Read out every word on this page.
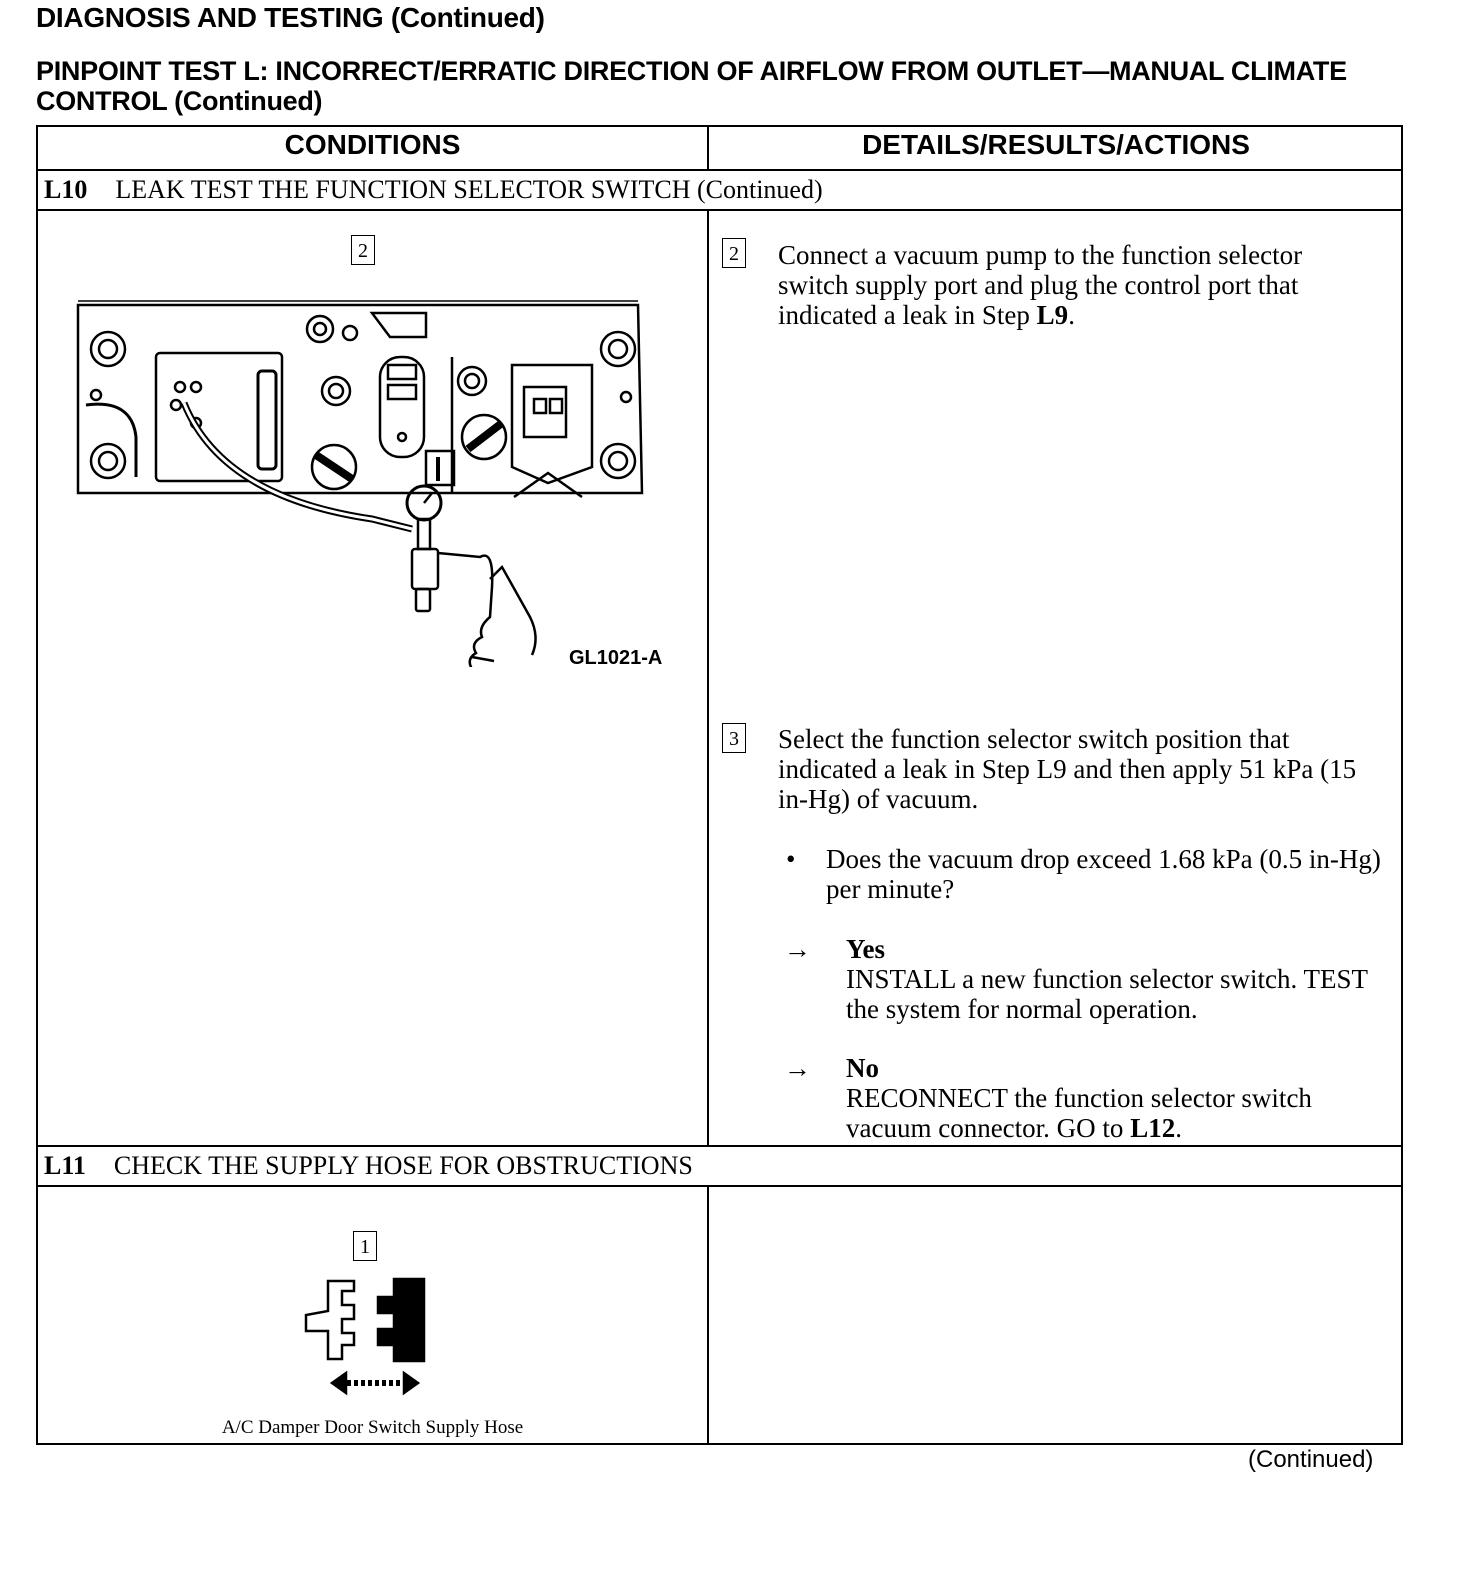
DIAGNOSIS AND TESTING (Continued)
PINPOINT TEST L: INCORRECT/ERRATIC DIRECTION OF AIRFLOW FROM OUTLET—MANUAL CLIMATE CONTROL (Continued)
CONDITIONS	DETAILS/RESULTS/ACTIONS
L10 LEAK TEST THE FUNCTION SELECTOR SWITCH (Continued)
2
GL1021-A
2 Connect a vacuum pump to the function selector switch supply port and plug the control port that indicated a leak in Step L9.
3 Select the function selector switch position that indicated a leak in Step L9 and then apply 51 kPa (15 in-Hg) of vacuum.
• Does the vacuum drop exceed 1.68 kPa (0.5 in-Hg) per minute?
→ Yes
INSTALL a new function selector switch. TEST the system for normal operation.
→ No
RECONNECT the function selector switch vacuum connector. GO to L12.
L11 CHECK THE SUPPLY HOSE FOR OBSTRUCTIONS
1
A/C Damper Door Switch Supply Hose
(Continued)
